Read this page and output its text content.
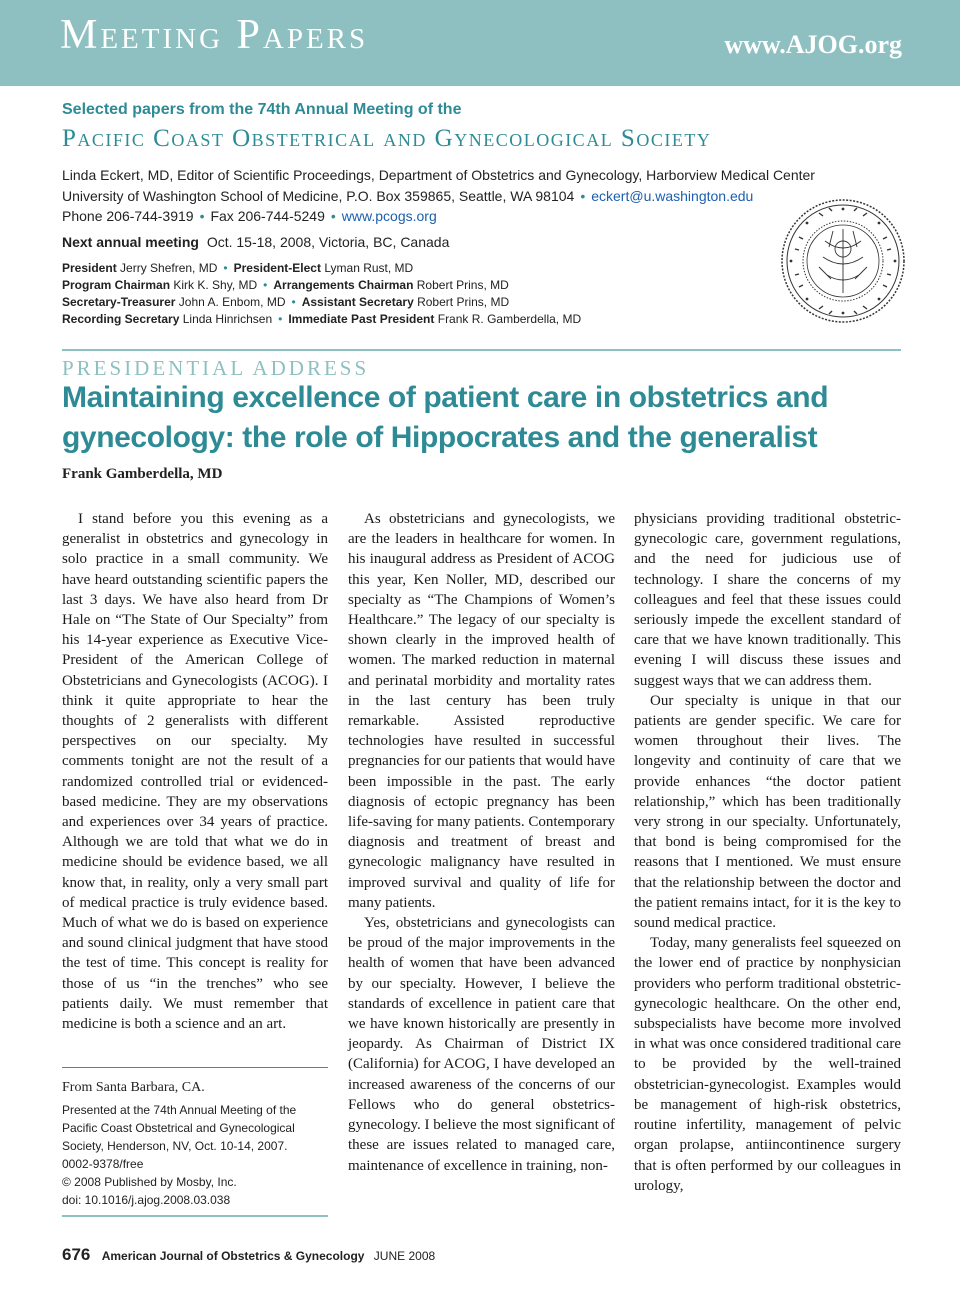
Meeting Papers	www.AJOG.org
Selected papers from the 74th Annual Meeting of the
Pacific Coast Obstetrical and Gynecological Society
Linda Eckert, MD, Editor of Scientific Proceedings, Department of Obstetrics and Gynecology, Harborview Medical Center
University of Washington School of Medicine, P.O. Box 359865, Seattle, WA 98104 • eckert@u.washington.edu
Phone 206-744-3919 • Fax 206-744-5249 • www.pcogs.org
Next annual meeting Oct. 15-18, 2008, Victoria, BC, Canada
President Jerry Shefren, MD • President-Elect Lyman Rust, MD
Program Chairman Kirk K. Shy, MD • Arrangements Chairman Robert Prins, MD
Secretary-Treasurer John A. Enbom, MD • Assistant Secretary Robert Prins, MD
Recording Secretary Linda Hinrichsen • Immediate Past President Frank R. Gamberdella, MD
PRESIDENTIAL ADDRESS
Maintaining excellence of patient care in obstetrics and gynecology: the role of Hippocrates and the generalist
Frank Gamberdella, MD

I stand before you this evening as a generalist in obstetrics and gynecology in solo practice in a small community. We have heard outstanding scientific papers the last 3 days. We have also heard from Dr Hale on “The State of Our Specialty” from his 14-year experience as Executive Vice-President of the American College of Obstetricians and Gynecologists (ACOG). I think it quite appropriate to hear the thoughts of 2 generalists with different perspectives on our specialty. My comments tonight are not the result of a randomized controlled trial or evidenced-based medicine. They are my observations and experiences over 34 years of practice. Although we are told that what we do in medicine should be evidence based, we all know that, in reality, only a very small part of medical practice is truly evidence based. Much of what we do is based on experience and sound clinical judgment that have stood the test of time. This concept is reality for those of us “in the trenches” who see patients daily. We must remember that medicine is both a science and an art.

As obstetricians and gynecologists, we are the leaders in healthcare for women. In his inaugural address as President of ACOG this year, Ken Noller, MD, described our specialty as “The Champions of Women’s Healthcare.” The legacy of our specialty is shown clearly in the improved health of women. The marked reduction in maternal and perinatal morbidity and mortality rates in the last century has been truly remarkable. Assisted reproductive technologies have resulted in successful pregnancies for our patients that would have been impossible in the past. The early diagnosis of ectopic pregnancy has been life-saving for many patients. Contemporary diagnosis and treatment of breast and gynecologic malignancy have resulted in improved survival and quality of life for many patients.

Yes, obstetricians and gynecologists can be proud of the major improvements in the health of women that have been advanced by our specialty. However, I believe the standards of excellence in patient care that we have known historically are presently in jeopardy. As Chairman of District IX (California) for ACOG, I have developed an increased awareness of the concerns of our Fellows who do general obstetrics-gynecology. I believe the most significant of these are issues related to managed care, maintenance of excellence in training, non-

physicians providing traditional obstetric-gynecologic care, government regulations, and the need for judicious use of technology. I share the concerns of my colleagues and feel that these issues could seriously impede the excellent standard of care that we have known traditionally. This evening I will discuss these issues and suggest ways that we can address them.

Our specialty is unique in that our patients are gender specific. We care for women throughout their lives. The longevity and continuity of care that we provide enhances “the doctor patient relationship,” which has been traditionally very strong in our specialty. Unfortunately, that bond is being compromised for the reasons that I mentioned. We must ensure that the relationship between the doctor and the patient remains intact, for it is the key to sound medical practice.

Today, many generalists feel squeezed on the lower end of practice by nonphysician providers who perform traditional obstetric-gynecologic healthcare. On the other end, subspecialists have become more involved in what was once considered traditional care to be provided by the well-trained obstetrician-gynecologist. Examples would be management of high-risk obstetrics, routine infertility, management of pelvic organ prolapse, antiincontinence surgery that is often performed by our colleagues in urology,

From Santa Barbara, CA.
Presented at the 74th Annual Meeting of the Pacific Coast Obstetrical and Gynecological Society, Henderson, NV, Oct. 10-14, 2007.
0002-9378/free
© 2008 Published by Mosby, Inc.
doi: 10.1016/j.ajog.2008.03.038
676 American Journal of Obstetrics & Gynecology JUNE 2008
